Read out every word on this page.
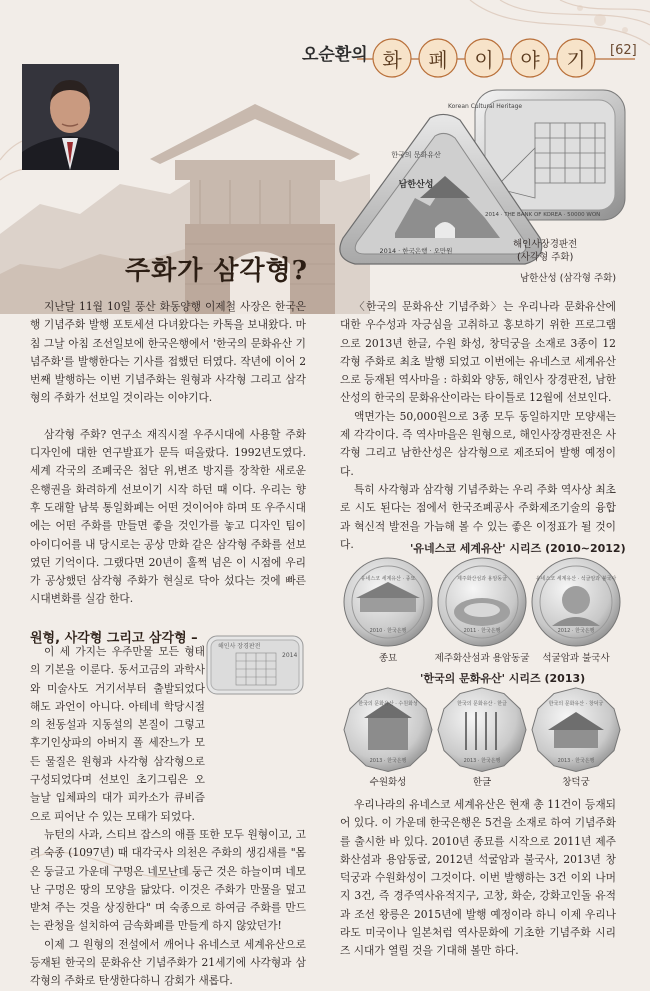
오순환의 화	폐	이	야	기	[62]
Korean Cultural Heritage
2014 · THE BANK OF KOREA · 50000 WON
한국의 문화유산
남한산성
2014 · 한국은행 · 오만원
해인사장경판전
(사각형 주화)
남한산성 (삼각형 주화)
주화가 삼각형?

지난달 11월 10일 풍산 화동양행 이제철 사장은 한국은행 기념주화 발행 포토세션 다녀왔다는 카톡을 보내왔다. 마침 그날 아침 조선일보에 한국은행에서 '한국의 문화유산 기념주화'를 발행한다는 기사를 접했던 터였다. 작년에 이어 2번째 발행하는 이번 기념주화는 원형과 사각형 그리고 삼각형의 주화가 선보일 것이라는 이야기다.

삼각형 주화? 연구소 재직시절 우주시대에 사용할 주화 디자인에 대한 연구발표가 문득 떠올랐다. 1992년도였다. 세계 각국의 조폐국은 첨단 위,변조 방지를 장착한 새로운 은행권을 화려하게 선보이기 시작 하던 때 이다. 우리는 향후 도래할 남북 통일화폐는 어떤 것이어야 하며 또 우주시대에는 어떤 주화를 만들면 좋을 것인가를 놓고 디자인 팀이 아이디어를 내 당시로는 공상 만화 같은 삼각형 주화를 선보였던 기억이다. 그랬다면 20년이 훌쩍 넘은 이 시점에 우리가 공상했던 삼각형 주화가 현실로 닥아 섰다는 것에 빠른 시대변화를 실감 한다.

원형, 사각형 그리고 삼각형 –
해인사 장경판전
2014

이 세 가지는 우주만물 모든 형태의 기본을 이룬다. 동서고금의 과학사와 미술사도 거기서부터 출발되었다 해도 과언이 아니다. 아테네 학당시절의 천동설과 지동설의 본질이 그렇고 후기인상파의 아버지 폴 세잔느가 모든 물질은 원형과 사각형 삼각형으로 구성되었다며 선보인 초기그림은 오늘날 입체파의 대가 피카소가 큐비즘으로 피어난 수 있는 모태가 되었다.

뉴턴의 사과, 스티브 잡스의 애플 또한 모두 원형이고, 고려 숙종 (1097년) 때 대각국사 의천은 주화의 생김새를 "몸은 둥글고 가운데 구멍은 네모난데 둥근 것은 하늘이며 네모난 구멍은 땅의 모양을 닮았다. 이것은 주화가 만물을 덮고 받쳐 주는 것을 상징한다" 며 숙종으로 하여금 주화를 만드는 관청을 설치하여 금속화폐를 만들게 하지 않았던가!

이제 그 원형의 전설에서 깨어나 유네스코 세계유산으로 등재된 한국의 문화유산 기념주화가 21세기에 사각형과 삼각형의 주화로 탄생한다하니 감회가 새롭다.

〈한국의 문화유산 기념주화〉는 우리나라 문화유산에 대한 우수성과 자긍심을 고취하고 홍보하기 위한 프로그램으로 2013년 한글, 수원 화성, 창덕궁을 소재로 3종이 12각형 주화로 최초 발행 되었고 이번에는 유네스코 세계유산으로 등재된 역사마을 : 하회와 양동, 해인사 장경판전, 남한산성의 한국의 문화유산이라는 타이틀로 12월에 선보인다.

액면가는 50,000원으로 3종 모두 동일하지만 모양새는 제 각각이다. 즉 역사마을은 원형으로, 해인사장경판전은 사각형 그리고 남한산성은 삼각형으로 제조되어 발행 예정이다.

특히 사각형과 삼각형 기념주화는 우리 주화 역사상 최초로 시도 된다는 점에서 한국조폐공사 주화제조기술의 융합과 혁신적 발전을 가늠해 볼 수 있는 좋은 이정표가 될 것이다.	'유네스코 세계유산' 시리즈 (2010~2012)
유네스코 세계유산 · 종묘	제주화산섬과 용암동굴	유네스코 세계유산 · 석굴암과 불국사
2010 · 한국은행	2011 · 한국은행	2012 · 한국은행
종묘	제주화산섬과 용암동굴 석굴암과 불국사
'한국의 문화유산' 시리즈 (2013)
한국의 문화유산 · 수원화성	한국의 문화유산 · 한글	한국의 문화유산 · 창덕궁
2013 · 한국은행	2013 · 한국은행	2013 · 한국은행
수원화성	한글	창덕궁

우리나라의 유네스코 세계유산은 현재 총 11건이 등재되어 있다. 이 가운데 한국은행은 5건을 소재로 하여 기념주화를 출시한 바 있다. 2010년 종묘를 시작으로 2011년 제주 화산섬과 용암동굴, 2012년 석굴암과 불국사, 2013년 창덕궁과 수원화성이 그것이다. 이번 발행하는 3건 이외 나머지 3건, 즉 경주역사유적지구, 고창, 화순, 강화고인돌 유적과 조선 왕릉은 2015년에 발행 예정이라 하니 이제 우리나라도 미국이나 일본처럼 역사문화에 기초한 기념주화 시리즈 시대가 열릴 것을 기대해 볼만 하다.
